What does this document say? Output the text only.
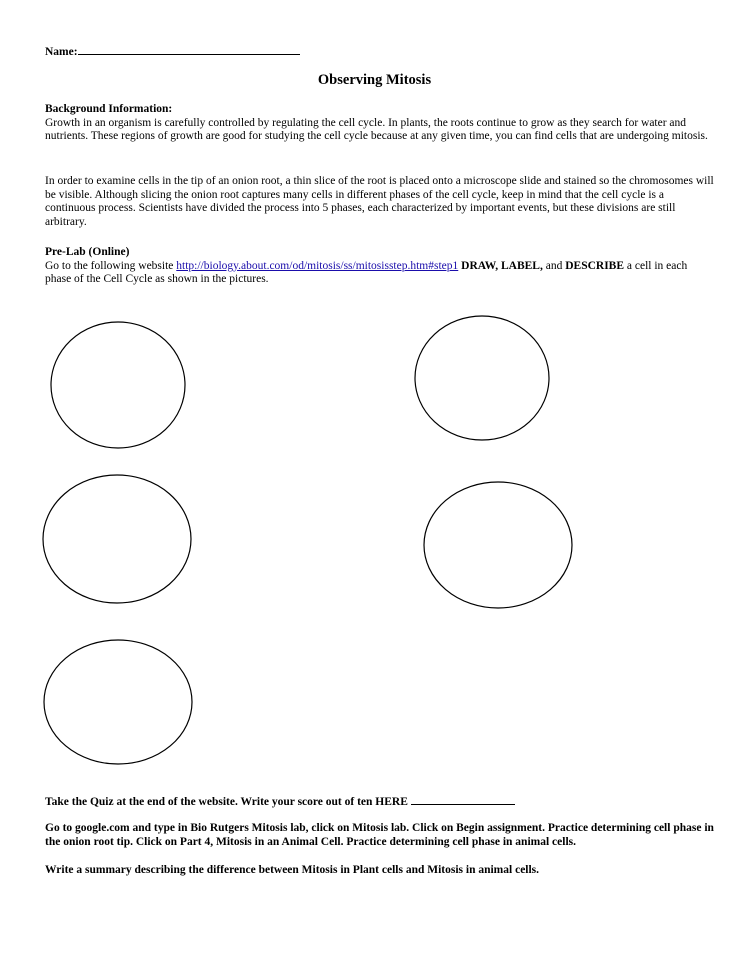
Name:
Observing Mitosis
Background Information:
Growth in an organism is carefully controlled by regulating the cell cycle. In plants, the roots continue to grow as they search for water and nutrients. These regions of growth are good for studying the cell cycle because at any given time, you can find cells that are undergoing mitosis.
In order to examine cells in the tip of an onion root, a thin slice of the root is placed onto a microscope slide and stained so the chromosomes will be visible. Although slicing the onion root captures many cells in different phases of the cell cycle, keep in mind that the cell cycle is a continuous process. Scientists have divided the process into 5 phases, each characterized by important events, but these divisions are still arbitrary.
Pre-Lab (Online)
Go to the following website http://biology.about.com/od/mitosis/ss/mitosisstep.htm#step1 DRAW, LABEL, and DESCRIBE a cell in each phase of the Cell Cycle as shown in the pictures.
Take the Quiz at the end of the website. Write your score out of ten HERE
Go to google.com and type in Bio Rutgers Mitosis lab, click on Mitosis lab. Click on Begin assignment. Practice determining cell phase in the onion root tip. Click on Part 4, Mitosis in an Animal Cell. Practice determining cell phase in animal cells.
Write a summary describing the difference between Mitosis in Plant cells and Mitosis in animal cells.
